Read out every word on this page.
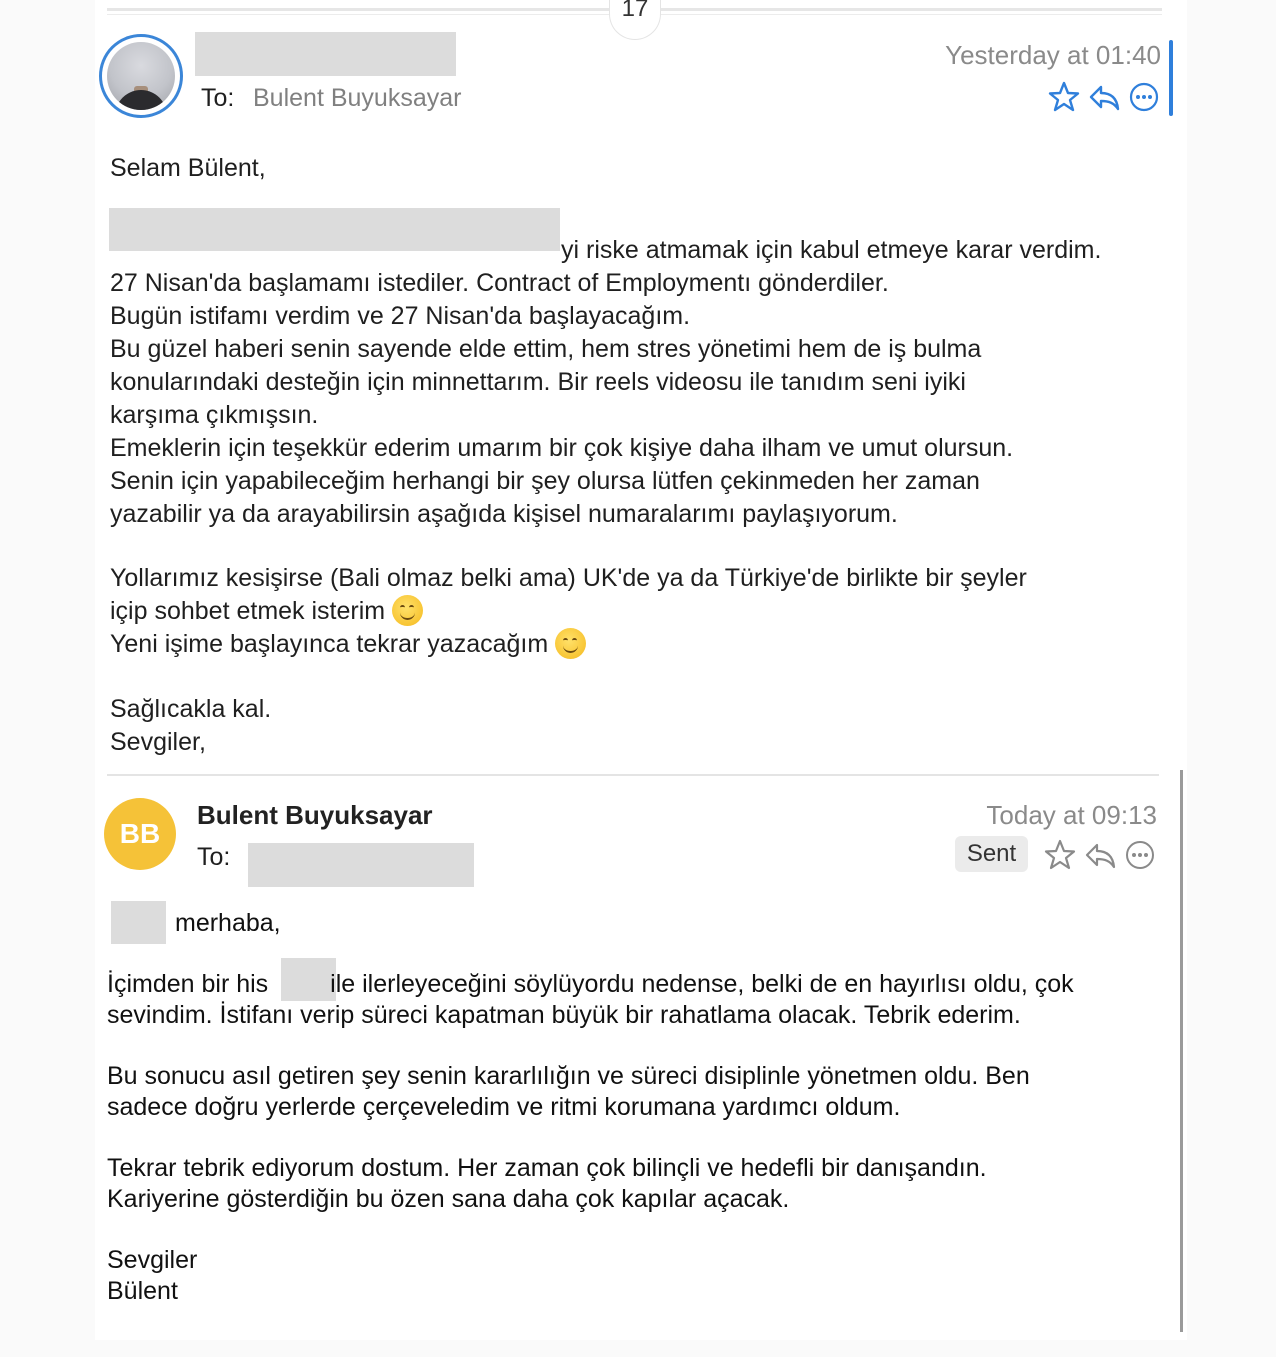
17
To: Bulent Buyuksayar
Yesterday at 01:40

Selam Bülent,

yi riske atmamak için kabul etmeye karar verdim.

27 Nisan'da başlamamı istediler. Contract of Employmentı gönderdiler.

Bugün istifamı verdim ve 27 Nisan'da başlayacağım.

Bu güzel haberi senin sayende elde ettim, hem stres yönetimi hem de iş bulma

konularındaki desteğin için minnettarım. Bir reels videosu ile tanıdım seni iyiki

karşıma çıkmışsın.

Emeklerin için teşekkür ederim umarım bir çok kişiye daha ilham ve umut olursun.

Senin için yapabileceğim herhangi bir şey olursa lütfen çekinmeden her zaman

yazabilir ya da arayabilirsin aşağıda kişisel numaralarımı paylaşıyorum.

Yollarımız kesişirse (Bali olmaz belki ama) UK'de ya da Türkiye'de birlikte bir şeyler

içip sohbet etmek isterim

Yeni işime başlayınca tekrar yazacağım

Sağlıcakla kal.

Sevgiler,

BB
Bulent Buyuksayar
To:
Today at 09:13
Sent

merhaba,

İçimden bir his ile ilerleyeceğini söylüyordu nedense, belki de en hayırlısı oldu, çok

sevindim. İstifanı verip süreci kapatman büyük bir rahatlama olacak. Tebrik ederim.

Bu sonucu asıl getiren şey senin kararlılığın ve süreci disiplinle yönetmen oldu. Ben

sadece doğru yerlerde çerçeveledim ve ritmi korumana yardımcı oldum.

Tekrar tebrik ediyorum dostum. Her zaman çok bilinçli ve hedefli bir danışandın.

Kariyerine gösterdiğin bu özen sana daha çok kapılar açacak.

Sevgiler

Bülent
